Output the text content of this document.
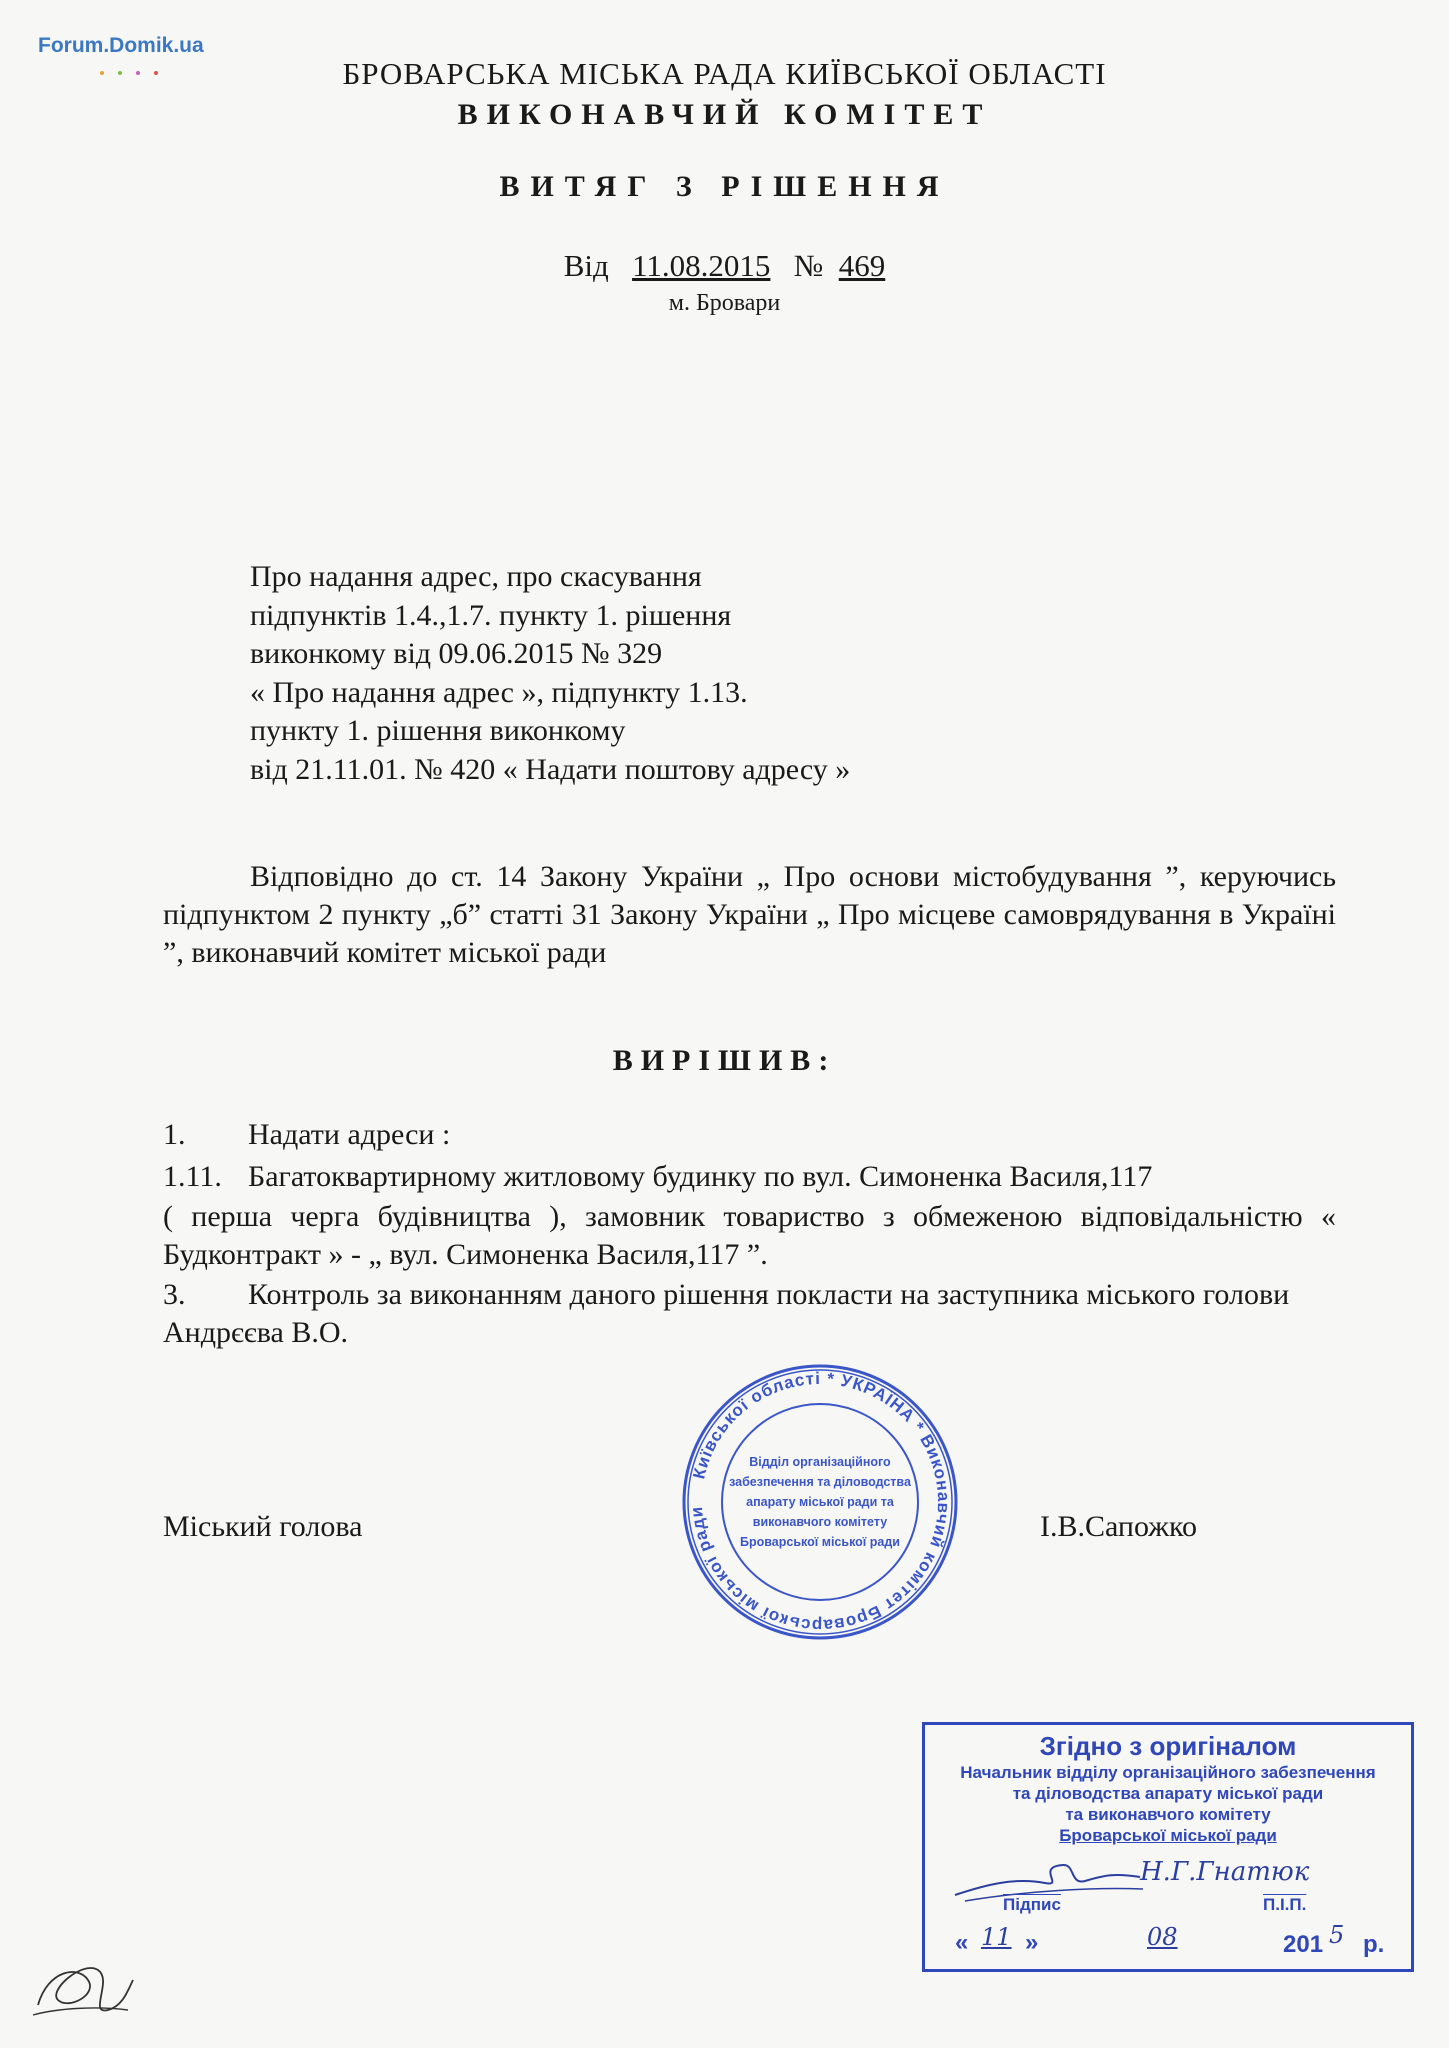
Forum.Domik.ua
БРОВАРСЬКА МІСЬКА РАДА КИЇВСЬКОЇ ОБЛАСТІ
ВИКОНАВЧИЙ КОМІТЕТ
ВИТЯГ З РІШЕННЯ
Від 11.08.2015 № 469
м. Бровари
Про надання адрес, про скасування
підпунктів 1.4.,1.7. пункту 1. рішення
виконкому від 09.06.2015 № 329
« Про надання адрес », підпункту 1.13.
пункту 1. рішення виконкому
від 21.11.01. № 420 « Надати поштову адресу »
Відповідно до ст. 14 Закону України „ Про основи містобудування ”, керуючись підпунктом 2 пункту „б” статті 31 Закону України „ Про місцеве самоврядування в Україні ”, виконавчий комітет міської ради
ВИРІШИВ:
1. Надати адреси :
1.11. Багатоквартирному житловому будинку по вул. Симоненка Василя,117
( перша черга будівництва ), замовник товариство з обмеженою відповідальністю « Будконтракт » - „ вул. Симоненка Василя,117 ”.
3. Контроль за виконанням даного рішення покласти на заступника міського голови Андрєєва В.О.
Київської області * УКРАЇНА * Виконавчий комітет Броварської міської ради
Відділ організаційного
забезпечення та діловодства
апарату міської ради та
виконавчого комітету
Броварської міської ради
Міський голова	І.В.Сапожко
Згідно з оригіналом
Начальник відділу організаційного забезпечення
та діловодства апарату міської ради
та виконавчого комітету
Броварської міської ради
Н.Г.Гнатюк
Підпис	П.І.П.
« 11 »	08	201 5 р.
